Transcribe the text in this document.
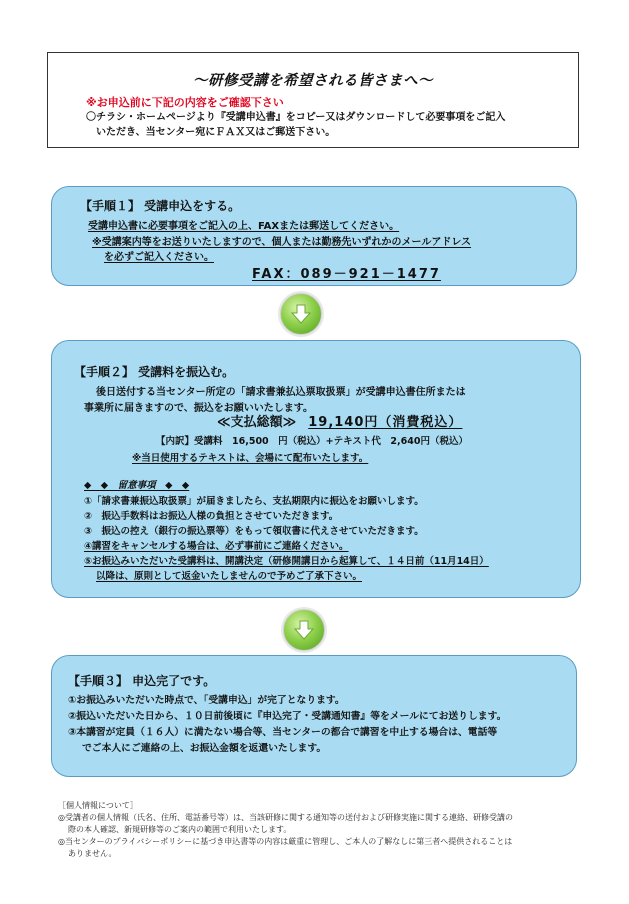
～研修受講を希望される皆さまへ～
※お申込前に下記の内容をご確認下さい
〇チラシ・ホームページより『受講申込書』をコピー又はダウンロードして必要事項をご記入
いただき、当センター宛にＦＡＸ又はご郵送下さい。
【手順１】 受講申込をする。
受講申込書に必要事項をご記入の上、FAXまたは郵送してください。
※受講案内等をお送りいたしますので、個人または勤務先いずれかのメールアドレス
を必ずご記入ください。
FAX：089－921－1477
【手順２】 受講料を振込む。
後日送付する当センター所定の「請求書兼払込票取扱票」が受講申込書住所または
事業所に届きますので、振込をお願いいたします。
≪支払総額≫ 19,140円（消費税込）
【内訳】受講料　16,500　円（税込）+テキスト代　2,640円（税込）
※当日使用するテキストは、会場にて配布いたします。
◆　◆　留意事項　◆　◆
①「請求書兼振込取扱票」が届きましたら、支払期限内に振込をお願いします。
②　振込手数料はお振込人様の負担とさせていただきます。
③　振込の控え（銀行の振込票等）をもって領収書に代えさせていただきます。
④講習をキャンセルする場合は、必ず事前にご連絡ください。
⑤お振込みいただいた受講料は、開講決定（研修開講日から起算して、１４日前（11月14日）
以降は、原則として返金いたしませんので予めご了承下さい。
【手順３】 申込完了です。
①お振込みいただいた時点で、「受講申込」が完了となります。
②振込いただいた日から、１０日前後頃に『申込完了・受講通知書』等をメールにてお送りします。
③本講習が定員（１６人）に満たない場合等、当センターの都合で講習を中止する場合は、電話等
でご本人にご連絡の上、お振込金額を返還いたします。
［個人情報について］
◎受講者の個人情報（氏名、住所、電話番号等）は、当該研修に関する通知等の送付および研修実施に関する連絡、研修受講の
際の本人確認、新規研修等のご案内の範囲で利用いたします。
◎当センターのプライバシーポリシーに基づき申込書等の内容は厳重に管理し、ご本人の了解なしに第三者へ提供されることは
ありません。
